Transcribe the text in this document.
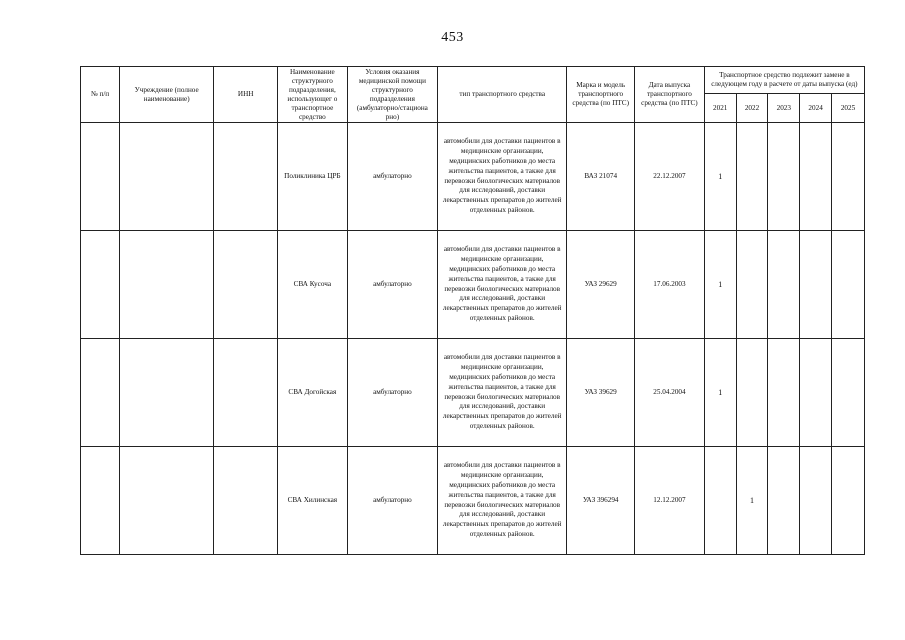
453
№ п/п	Учреждение (полное наименование)	ИНН	Наименование структурного подразделения, использующег о транспортное средство	Условия оказания медицинской помощи структурного подразделения (амбулаторно/стациона рно)	тип транспортного средства	Марка и модель транспортного средства (по ПТС)	Дата выпуска транспортного средства (по ПТС)	Транспортное средство подлежит замене в следующем году в расчете от даты выпуска (ед)				
								2021	2022	2023	2024	2025
			Поликлиника ЦРБ	амбулаторно	автомобили для доставки пациентов в медицинские организации, медицинских работников до места жительства пациентов, а также для перевозки биологических материалов для исследований, доставки лекарственных препаратов до жителей отделенных районов.	ВАЗ 21074	22.12.2007	1				
			СВА Кусоча	амбулаторно	автомобили для доставки пациентов в медицинские организации, медицинских работников до места жительства пациентов, а также для перевозки биологических материалов для исследований, доставки лекарственных препаратов до жителей отделенных районов.	УАЗ 29629	17.06.2003	1				
			СВА Догойская	амбулаторно	автомобили для доставки пациентов в медицинские организации, медицинских работников до места жительства пациентов, а также для перевозки биологических материалов для исследований, доставки лекарственных препаратов до жителей отделенных районов.	УАЗ 39629	25.04.2004	1				
			СВА Хилинская	амбулаторно	автомобили для доставки пациентов в медицинские организации, медицинских работников до места жительства пациентов, а также для перевозки биологических материалов для исследований, доставки лекарственных препаратов до жителей отделенных районов.	УАЗ 396294	12.12.2007		1			
